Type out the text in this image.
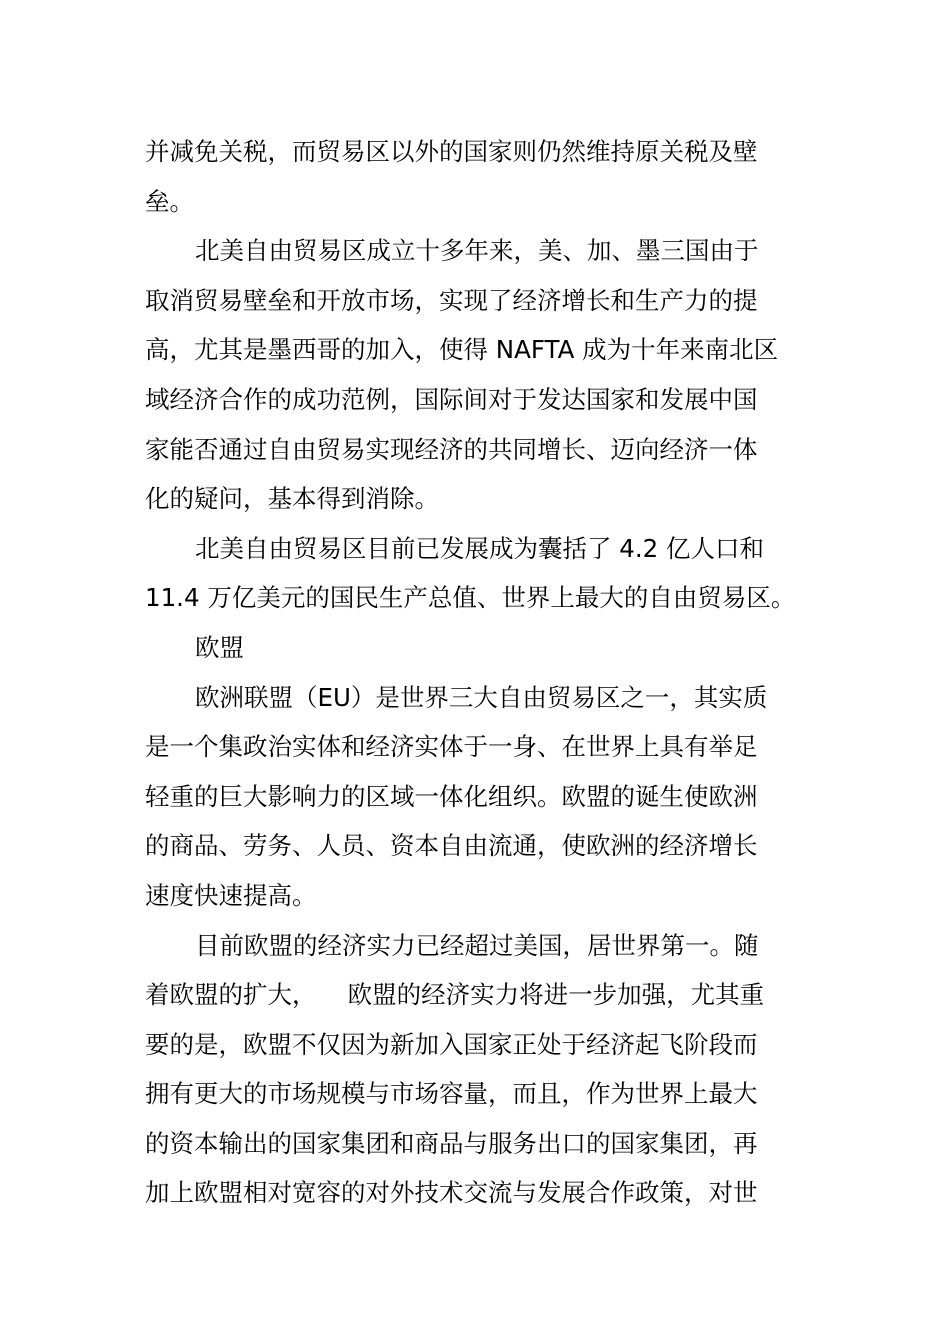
并减免关税，而贸易区以外的国家则仍然维持原关税及壁
垒。
北美自由贸易区成立十多年来，美、加、墨三国由于
取消贸易壁垒和开放市场，实现了经济增长和生产力的提
高，尤其是墨西哥的加入，使得 NAFTA 成为十年来南北区
域经济合作的成功范例，国际间对于发达国家和发展中国
家能否通过自由贸易实现经济的共同增长、迈向经济一体
化的疑问，基本得到消除。
北美自由贸易区目前已发展成为囊括了 4.2 亿人口和
11.4 万亿美元的国民生产总值、世界上最大的自由贸易区。
欧盟
欧洲联盟（EU）是世界三大自由贸易区之一，其实质
是一个集政治实体和经济实体于一身、在世界上具有举足
轻重的巨大影响力的区域一体化组织。欧盟的诞生使欧洲
的商品、劳务、人员、资本自由流通，使欧洲的经济增长
速度快速提高。
目前欧盟的经济实力已经超过美国，居世界第一。随
着欧盟的扩大，    欧盟的经济实力将进一步加强，尤其重
要的是，欧盟不仅因为新加入国家正处于经济起飞阶段而
拥有更大的市场规模与市场容量，而且，作为世界上最大
的资本输出的国家集团和商品与服务出口的国家集团，再
加上欧盟相对宽容的对外技术交流与发展合作政策，对世
